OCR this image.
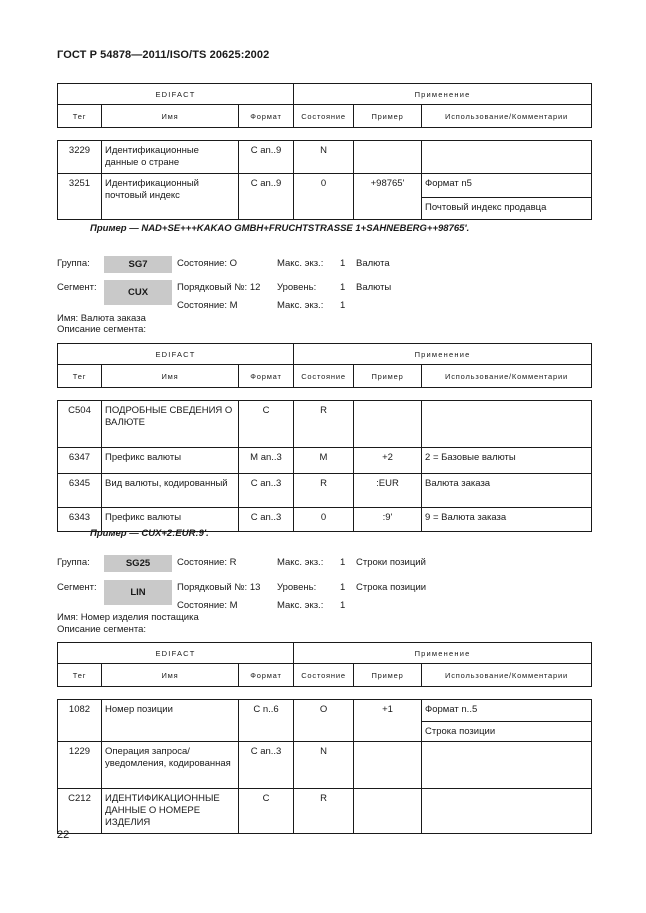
ГОСТ Р 54878—2011/ISO/TS 20625:2002
EDIFACT			Применение		
Тег	Имя	Формат	Состояние	Пример	Использование/Комментарии

3229	Идентификационные данные о стране	C an..9	N		
3251	Идентификационный почтовый индекс	C an..9	0	+98765'	Формат n5
					Почтовый индекс продавца
Пример — NAD+SE+++KAKAO GMBH+FRUCHTSTRASSE 1+SAHNEBERG++98765'.
Группа:	SG7	Состояние: O	Макс. экз.: 1 Валюта
Сегмент:	CUX	Порядковый №: 12 Уровень:	1 Валюты
Состояние: M	Макс. экз.: 1
Имя: Валюта заказа
Описание сегмента:
EDIFACT			Применение		
Тег	Имя	Формат	Состояние	Пример	Использование/Комментарии

C504	ПОДРОБНЫЕ СВЕДЕНИЯ О ВАЛЮТЕ	C	R		
6347	Префикс валюты	M an..3	M	+2	2 = Базовые валюты
6345	Вид валюты, кодированный	C an..3	R	:EUR	Валюта заказа
6343	Префикс валюты	C an..3	0	:9'	9 = Валюта заказа
Пример — CUX+2:EUR:9'.
Группа:	SG25	Состояние: R	Макс. экз.: 1 Строки позиций
Сегмент:	LIN	Порядковый №: 13 Уровень:	1 Строка позиции
Состояние: M	Макс. экз.: 1
Имя: Номер изделия постащика
Описание сегмента:
EDIFACT			Применение		
Тег	Имя	Формат	Состояние	Пример	Использование/Комментарии

1082	Номер позиции	C n..6	O	+1	Формат n..5
					Строка позиции
1229	Операция запроса/ уведомления, кодированная	C an..3	N		
C212	ИДЕНТИФИКАЦИОННЫЕ ДАННЫЕ О НОМЕРЕ ИЗДЕЛИЯ	C	R		
22
